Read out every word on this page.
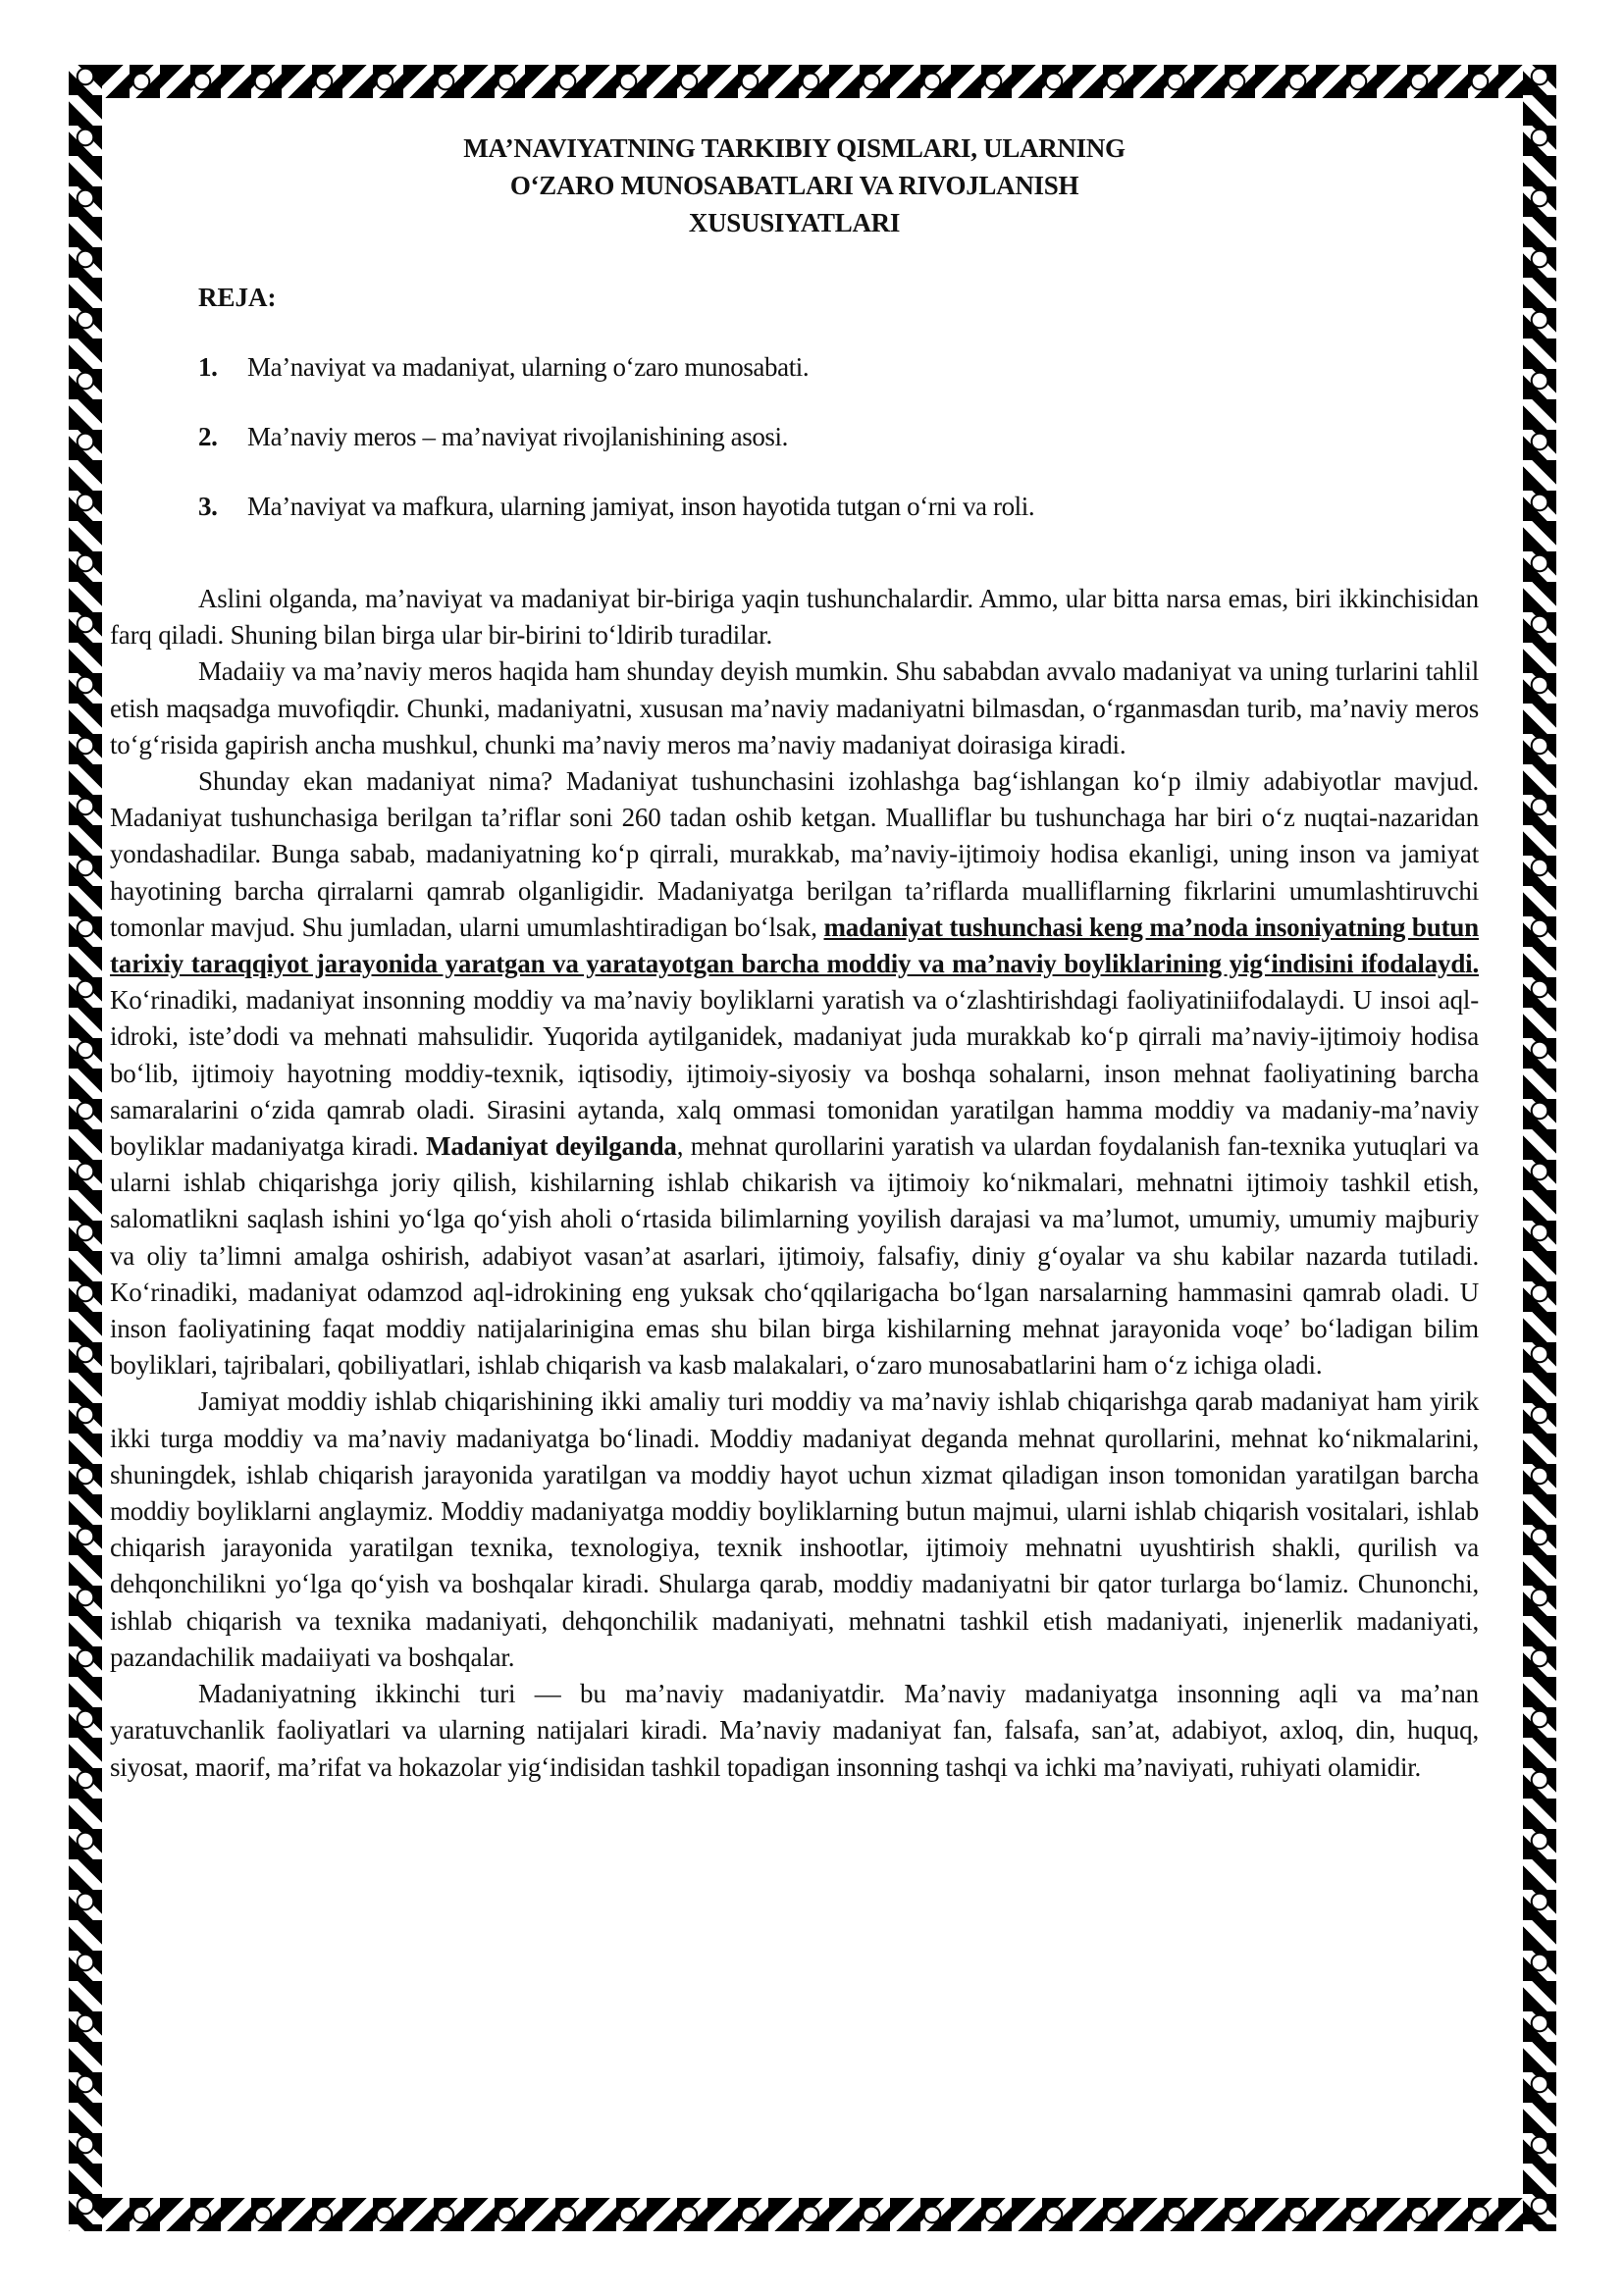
MA’NAVIYATNING TARKIBIY QISMLARI, ULARNING
O‘ZARO MUNOSABATLARI VA RIVOJLANISH
XUSUSIYATLARI
REJA:
1. Ma’naviyat va madaniyat, ularning o‘zaro munosabati.
2. Ma’naviy meros – ma’naviyat rivojlanishining asosi.
3. Ma’naviyat va mafkura, ularning jamiyat, inson hayotida tutgan o‘rni va roli.

Aslini olganda, ma’naviyat va madaniyat bir-biriga yaqin tushunchalardir. Ammo, ular bitta narsa emas, biri ikkinchisidan farq qiladi. Shuning bilan birga ular bir-birini to‘ldirib turadilar.

Madaiiy va ma’naviy meros haqida ham shunday deyish mumkin. Shu sababdan avvalo madaniyat va uning turlarini tahlil etish maqsadga muvofiqdir. Chunki, madaniyatni, xususan ma’naviy madaniyatni bilmasdan, o‘rganmasdan turib, ma’naviy meros to‘g‘risida gapirish ancha mushkul, chunki ma’naviy meros ma’naviy madaniyat doirasiga kiradi.

Shunday ekan madaniyat nima? Madaniyat tushunchasini izohlashga bag‘ishlangan ko‘p ilmiy adabiyotlar mavjud. Madaniyat tushunchasiga berilgan ta’riflar soni 260 tadan oshib ketgan. Mualliflar bu tushunchaga har biri o‘z nuqtai-nazaridan yondashadilar. Bunga sabab, madaniyatning ko‘p qirrali, murakkab, ma’naviy-ijtimoiy hodisa ekanligi, uning inson va jamiyat hayotining barcha qirralarni qamrab olganligidir. Madaniyatga berilgan ta’riflarda mualliflarning fikrlarini umumlashtiruvchi tomonlar mavjud. Shu jumladan, ularni umumlashtiradigan bo‘lsak, madaniyat tushunchasi keng ma’noda insoniyatning butun tarixiy taraqqiyot jarayonida yaratgan va yaratayotgan barcha moddiy va ma’naviy boyliklarining yig‘indisini ifodalaydi. Ko‘rinadiki, madaniyat insonning moddiy va ma’naviy boyliklarni yaratish va o‘zlashtirishdagi faoliyatiniifodalaydi. U insoi aql-idroki, iste’dodi va mehnati mahsulidir. Yuqorida aytilganidek, madaniyat juda murakkab ko‘p qirrali ma’naviy-ijtimoiy hodisa bo‘lib, ijtimoiy hayotning moddiy-texnik, iqtisodiy, ijtimoiy-siyosiy va boshqa sohalarni, inson mehnat faoliyatining barcha samaralarini o‘zida qamrab oladi. Sirasini aytanda, xalq ommasi tomonidan yaratilgan hamma moddiy va madaniy-ma’naviy boyliklar madaniyatga kiradi. Madaniyat deyilganda, mehnat qurollarini yaratish va ulardan foydalanish fan-texnika yutuqlari va ularni ishlab chiqarishga joriy qilish, kishilarning ishlab chikarish va ijtimoiy ko‘nikmalari, mehnatni ijtimoiy tashkil etish, salomatlikni saqlash ishini yo‘lga qo‘yish aholi o‘rtasida bilimlarning yoyilish darajasi va ma’lumot, umumiy, umumiy majburiy va oliy ta’limni amalga oshirish, adabiyot vasan’at asarlari, ijtimoiy, falsafiy, diniy g‘oyalar va shu kabilar nazarda tutiladi. Ko‘rinadiki, madaniyat odamzod aql-idrokining eng yuksak cho‘qqilarigacha bo‘lgan narsalarning hammasini qamrab oladi. U inson faoliyatining faqat moddiy natijalarinigina emas shu bilan birga kishilarning mehnat jarayonida voqe’ bo‘ladigan bilim boyliklari, tajribalari, qobiliyatlari, ishlab chiqarish va kasb malakalari, o‘zaro munosabatlarini ham o‘z ichiga oladi.

Jamiyat moddiy ishlab chiqarishining ikki amaliy turi moddiy va ma’naviy ishlab chiqarishga qarab madaniyat ham yirik ikki turga moddiy va ma’naviy madaniyatga bo‘linadi. Moddiy madaniyat deganda mehnat qurollarini, mehnat ko‘nikmalarini, shuningdek, ishlab chiqarish jarayonida yaratilgan va moddiy hayot uchun xizmat qiladigan inson tomonidan yaratilgan barcha moddiy boyliklarni anglaymiz. Moddiy madaniyatga moddiy boyliklarning butun majmui, ularni ishlab chiqarish vositalari, ishlab chiqarish jarayonida yaratilgan texnika, texnologiya, texnik inshootlar, ijtimoiy mehnatni uyushtirish shakli, qurilish va dehqonchilikni yo‘lga qo‘yish va boshqalar kiradi. Shularga qarab, moddiy madaniyatni bir qator turlarga bo‘lamiz. Chunonchi, ishlab chiqarish va texnika madaniyati, dehqonchilik madaniyati, mehnatni tashkil etish madaniyati, injenerlik madaniyati, pazandachilik madaiiyati va boshqalar.

Madaniyatning ikkinchi turi — bu ma’naviy madaniyatdir. Ma’naviy madaniyatga insonning aqli va ma’nan yaratuvchanlik faoliyatlari va ularning natijalari kiradi. Ma’naviy madaniyat fan, falsafa, san’at, adabiyot, axloq, din, huquq, siyosat, maorif, ma’rifat va hokazolar yig‘indisidan tashkil topadigan insonning tashqi va ichki ma’naviyati, ruhiyati olamidir.
